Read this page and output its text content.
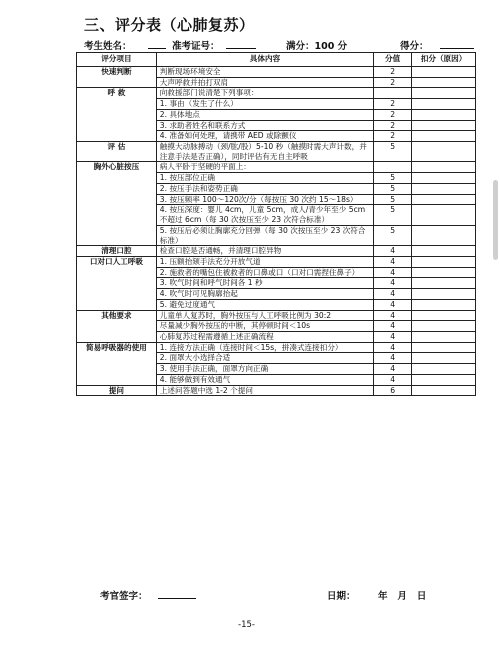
三、评分表（心肺复苏）
考生姓名：	准考证号：	满分：100 分	得分：
评分项目	具体内容	分值	扣分（原因）
快速判断	判断现场环境安全	2	
	大声呼救并拍打双肩	2	
呼 救	向救援部门说清楚下列事项：		
	1. 事由（发生了什么）	2	
	2. 具体地点	2	
	3. 求助者姓名和联系方式	2	
	4. 准备如何处理，请携带 AED 或除颤仪	2	
评 估	触摸大动脉搏动（颈/肱/股）5-10 秒（触摸时需大声计数，并注意手法是否正确），同时评估有无自主呼吸	5	
胸外心脏按压	病人平卧于坚硬的平面上：		
	1. 按压部位正确	5	
	2. 按压手法和姿势正确	5	
	3. 按压频率 100～120次/分（每按压 30 次约 15～18s）	5	
	4. 按压深度：婴儿 4cm，儿童 5cm，成人/青少年至少 5cm 不超过 6cm（每 30 次按压至少 23 次符合标准）	5	
	5. 按压后必须让胸廓充分回弹（每 30 次按压至少 23 次符合标准）	5	
清理口腔	检查口腔是否通畅，并清理口腔异物	4	
口对口人工呼吸	1. 压额抬颏手法充分开放气道	4	
	2. 施救者的嘴包住被救者的口鼻或口（口对口需捏住鼻子）	4	
	3. 吹气时间和呼气时间各 1 秒	4	
	4. 吹气时可见胸廓抬起	4	
	5. 避免过度通气	4	
其他要求	儿童单人复苏时，胸外按压与人工呼吸比例为 30:2	4	
	尽量减少胸外按压的中断，其停顿时间＜10s	4	
	心肺复苏过程需遵循上述正确流程	4	
简易呼吸器的使用	1. 连接方法正确（连接时间＜15s，拼凑式连接扣分）	4	
	2. 面罩大小选择合适	4	
	3. 使用手法正确，面罩方向正确	4	
	4. 能够做到有效通气	4	
提问	上述问答题中选 1-2 个提问	6	
考官签字：	日期： 年   月   日
-15-
